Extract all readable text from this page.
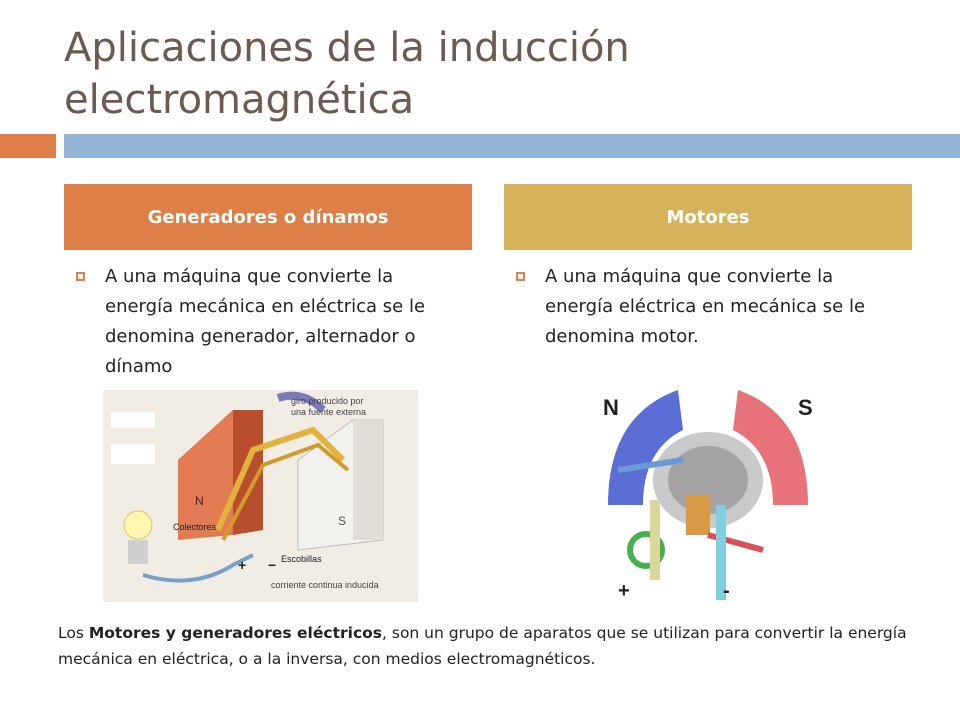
Aplicaciones de la inducción
electromagnética
Generadores o dínamos	Motores
A una máquina que convierte la energía mecánica en eléctrica se le denomina generador, alternador o dínamo
A una máquina que convierte la energía eléctrica en mecánica se le denomina motor.
giro producido por
una fuente externa
N
S
Colectores
Escobillas
+ −
corriente continua inducida
N	S
+	-
Los Motores y generadores eléctricos, son un grupo de aparatos que se utilizan para convertir la energía mecánica en eléctrica, o a la inversa, con medios electromagnéticos.
